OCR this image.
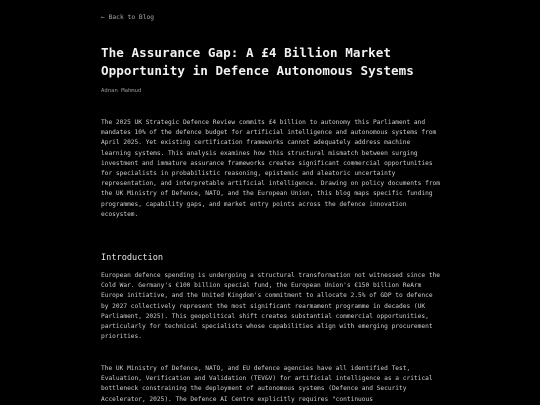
← Back to Blog
The Assurance Gap: A £4 Billion Market Opportunity in Defence Autonomous Systems
Adnan Mahmud

The 2025 UK Strategic Defence Review commits £4 billion to autonomy this Parliament and mandates 10% of the defence budget for artificial intelligence and autonomous systems from April 2025. Yet existing certification frameworks cannot adequately address machine learning systems. This analysis examines how this structural mismatch between surging investment and immature assurance frameworks creates significant commercial opportunities for specialists in probabilistic reasoning, epistemic and aleatoric uncertainty representation, and interpretable artificial intelligence. Drawing on policy documents from the UK Ministry of Defence, NATO, and the European Union, this blog maps specific funding programmes, capability gaps, and market entry points across the defence innovation ecosystem.

Introduction

European defence spending is undergoing a structural transformation not witnessed since the Cold War. Germany's €100 billion special fund, the European Union's €150 billion ReArm Europe initiative, and the United Kingdom's commitment to allocate 2.5% of GDP to defence by 2027 collectively represent the most significant rearmament programme in decades (UK Parliament, 2025). This geopolitical shift creates substantial commercial opportunities, particularly for technical specialists whose capabilities align with emerging procurement priorities.

The UK Ministry of Defence, NATO, and EU defence agencies have all identified Test, Evaluation, Verification and Validation (TEV&V) for artificial intelligence as a critical bottleneck constraining the deployment of autonomous systems (Defence and Security Accelerator, 2025). The Defence AI Centre explicitly requires "continuous
